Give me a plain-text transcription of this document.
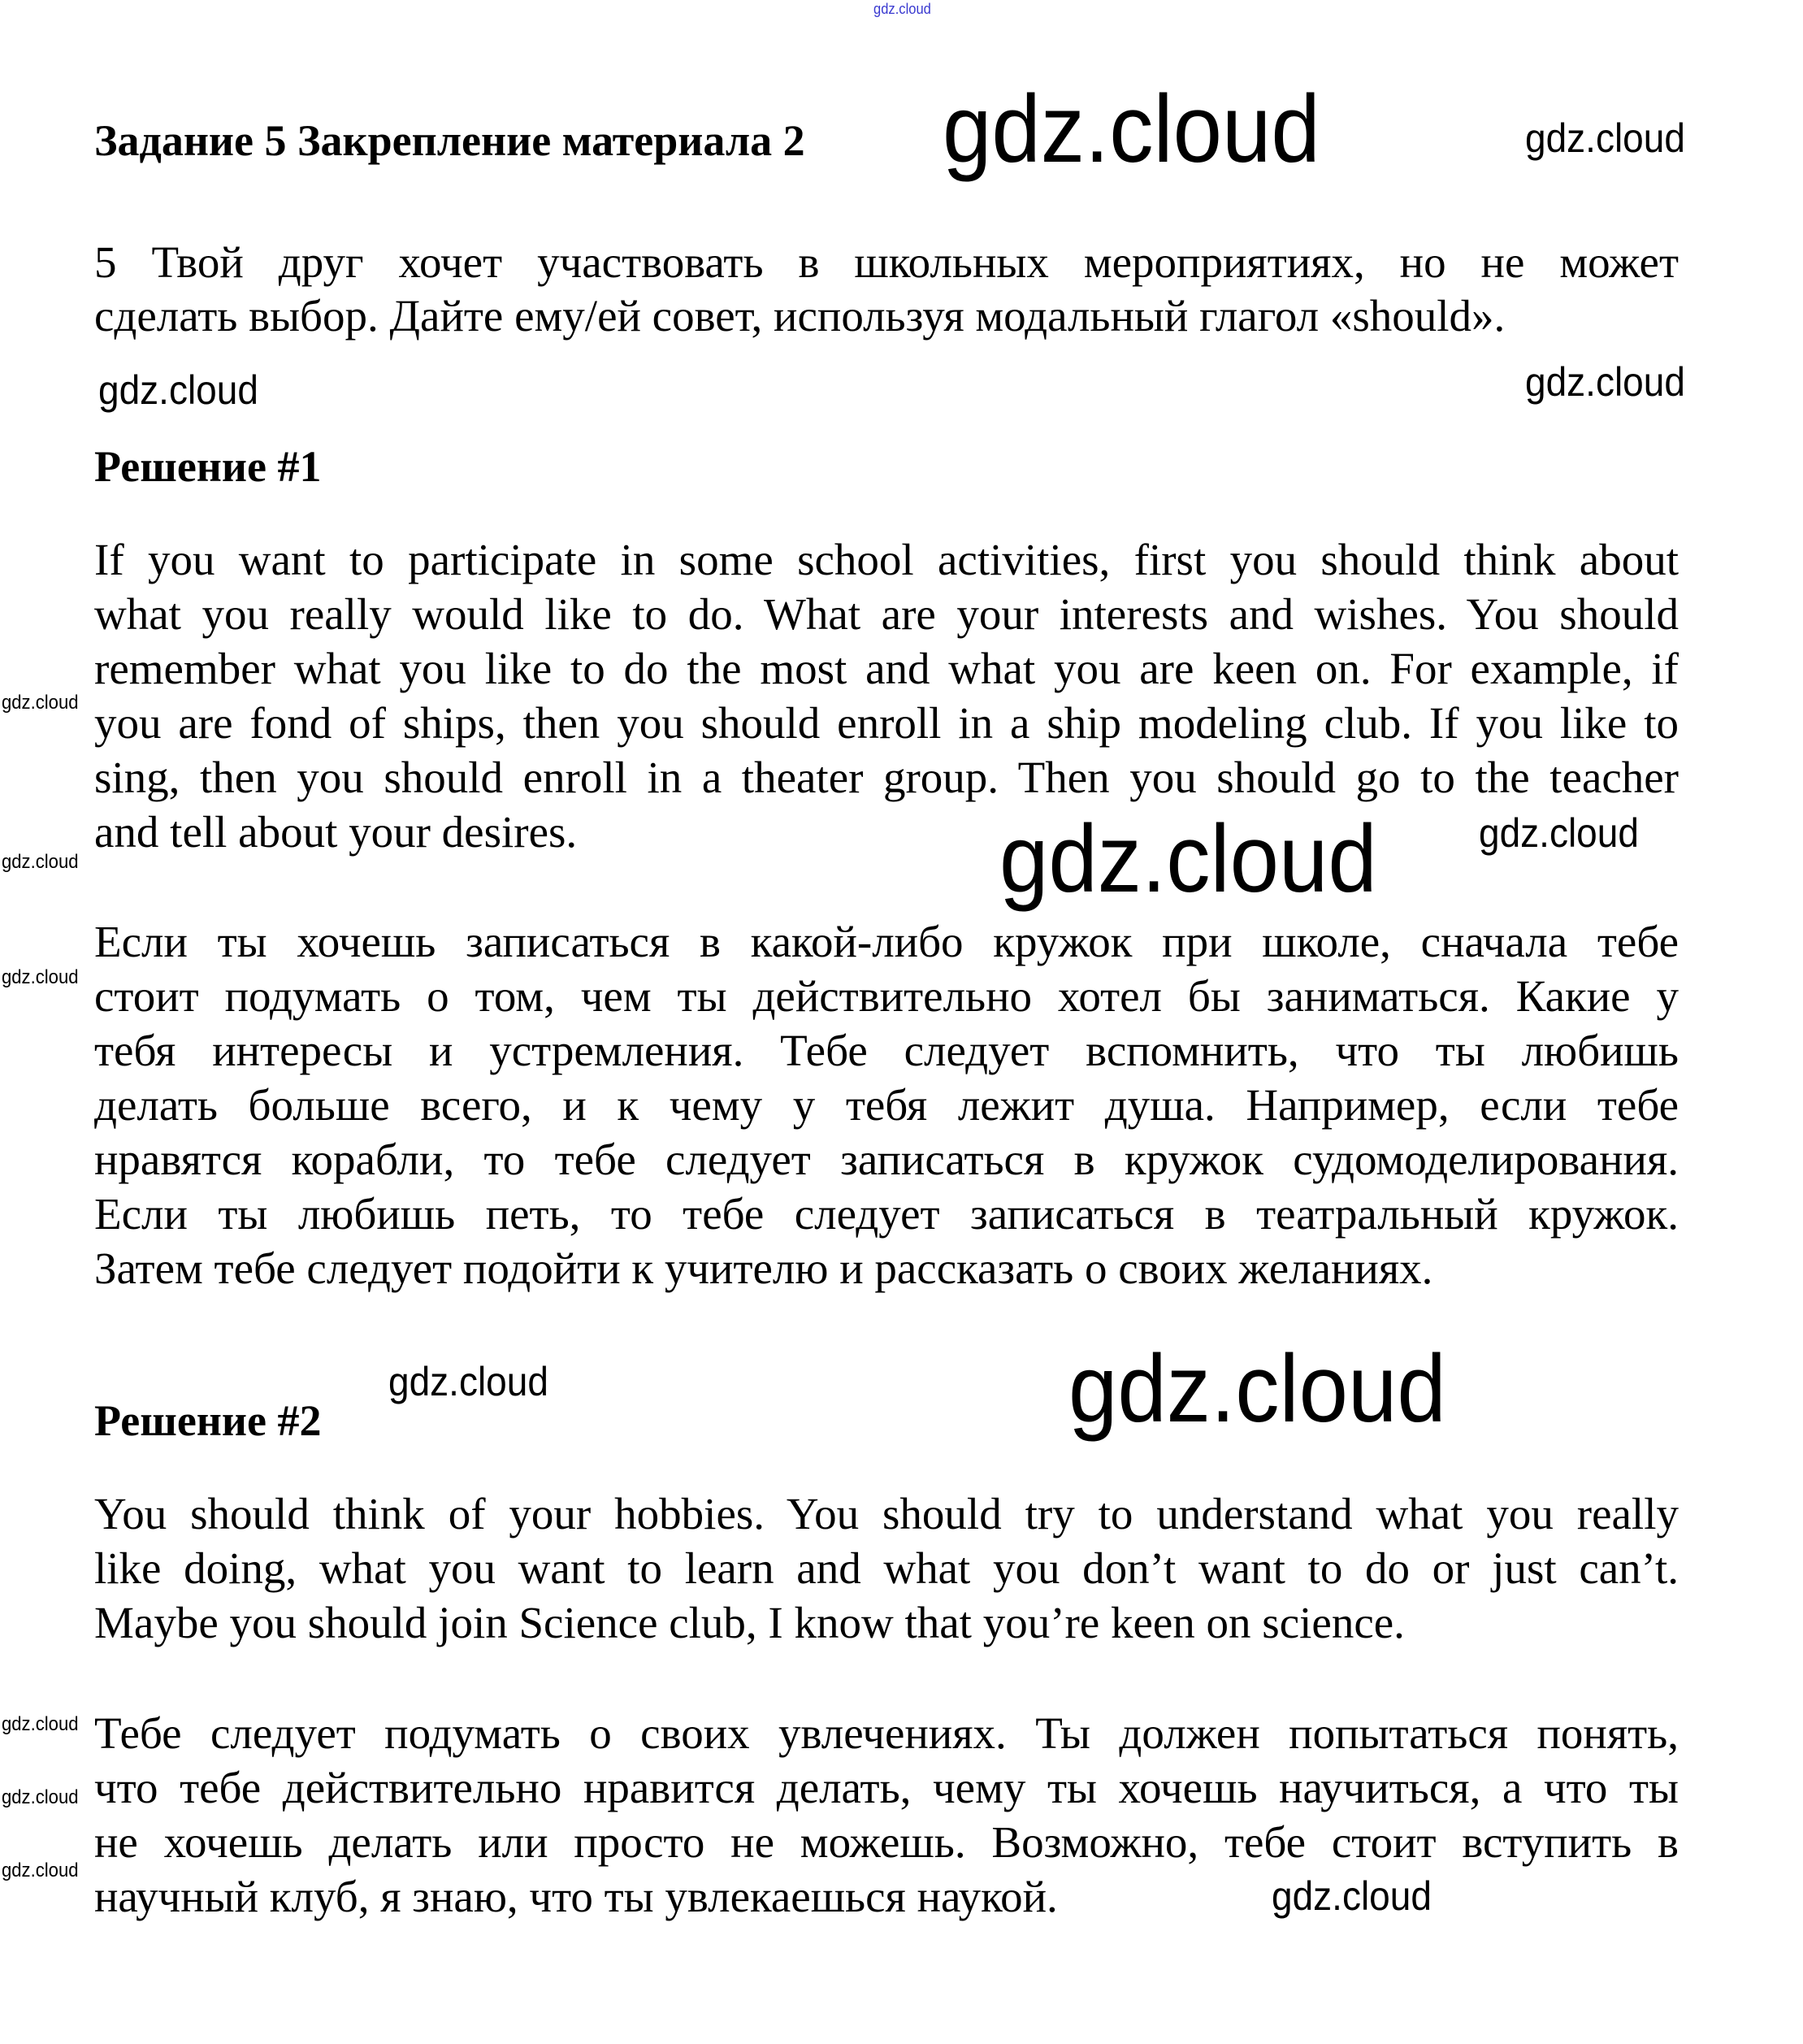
gdz.cloud
Задание 5 Закрепление материала 2
5 Твой друг хочет участвовать в школьных мероприятиях, но не может
сделать выбор. Дайте ему/ей совет, используя модальный глагол «should».
Решение #1
If you want to participate in some school activities, first you should think about
what you really would like to do. What are your interests and wishes. You should
remember what you like to do the most and what you are keen on. For example, if
you are fond of ships, then you should enroll in a ship modeling club. If you like to
sing, then you should enroll in a theater group. Then you should go to the teacher
and tell about your desires.
Если ты хочешь записаться в какой-либо кружок при школе, сначала тебе
стоит подумать о том, чем ты действительно хотел бы заниматься. Какие у
тебя интересы и устремления. Тебе следует вспомнить, что ты любишь
делать больше всего, и к чему у тебя лежит душа. Например, если тебе
нравятся корабли, то тебе следует записаться в кружок судомоделирования.
Если ты любишь петь, то тебе следует записаться в театральный кружок.
Затем тебе следует подойти к учителю и рассказать о своих желаниях.
Решение #2
You should think of your hobbies. You should try to understand what you really
like doing, what you want to learn and what you don’t want to do or just can’t.
Maybe you should join Science club, I know that you’re keen on science.
Тебе следует подумать о своих увлечениях. Ты должен попытаться понять,
что тебе действительно нравится делать, чему ты хочешь научиться, а что ты
не хочешь делать или просто не можешь. Возможно, тебе стоит вступить в
научный клуб, я знаю, что ты увлекаешься наукой.
gdz.cloud
gdz.cloud
gdz.cloud
gdz.cloud
gdz.cloud
gdz.cloud
gdz.cloud	gdz.cloud
gdz.cloud
gdz.cloud	gdz.cloud
gdz.cloud
gdz.cloud
gdz.cloud
gdz.cloud
